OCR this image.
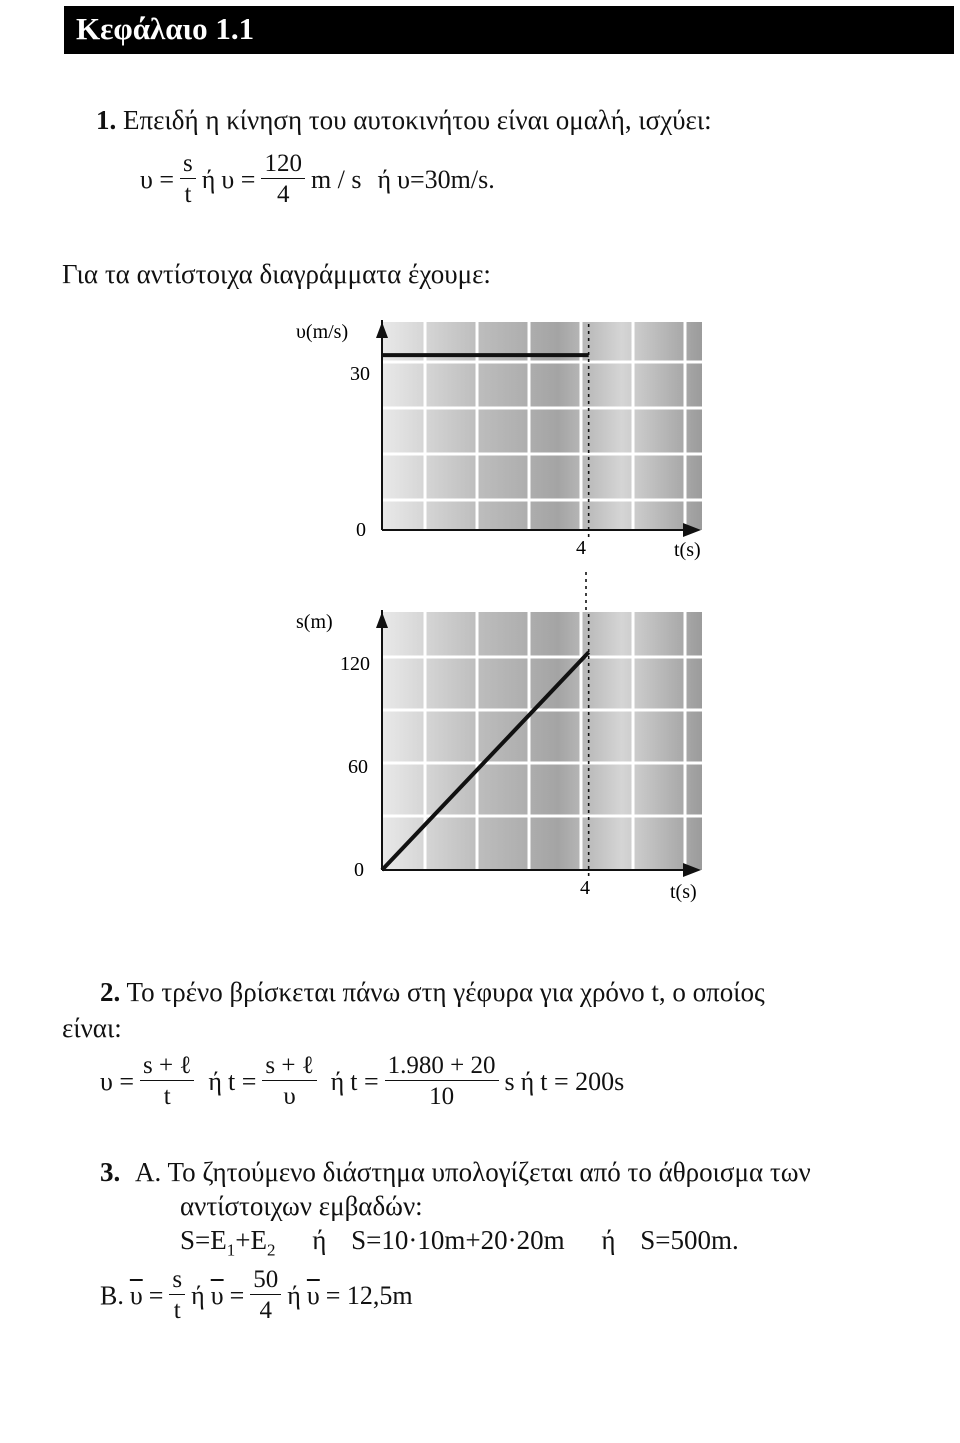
Κεφάλαιο 1.1
1. Επειδή η κίνηση του αυτοκινήτου είναι ομαλή, ισχύει:
$\upsilon = \frac{s}{t}$ ή $\upsilon = \frac{120}{4}$ m / s ή υ=30m/s.
Για τα αντίστοιχα διαγράμματα έχουμε:
υ(m/s)
30
0
4	t(s)
s(m)
120
60
0
4	t(s)
2. Το τρένο βρίσκεται πάνω στη γέφυρα για χρόνο t, ο οποίος
είναι:
$\upsilon = \frac{\text{s + ℓ}}{t}$ ή $t = \frac{\text{s + ℓ}}{\upsilon}$ ή $t = \frac{1.980 + 20}{10}$ s ή t = 200s
3. Α. Το ζητούμενο διάστημα υπολογίζεται από το άθροισμα των
αντίστοιχων εμβαδών:
$S=E_1+E_2$ ή S=10·10m+20·20m ή S=500m.
Β. $\overline{\upsilon} = \frac{s}{t}$ ή $\overline{\upsilon} = \frac{50}{4}$ ή $\overline{\upsilon} = 12,5m$
